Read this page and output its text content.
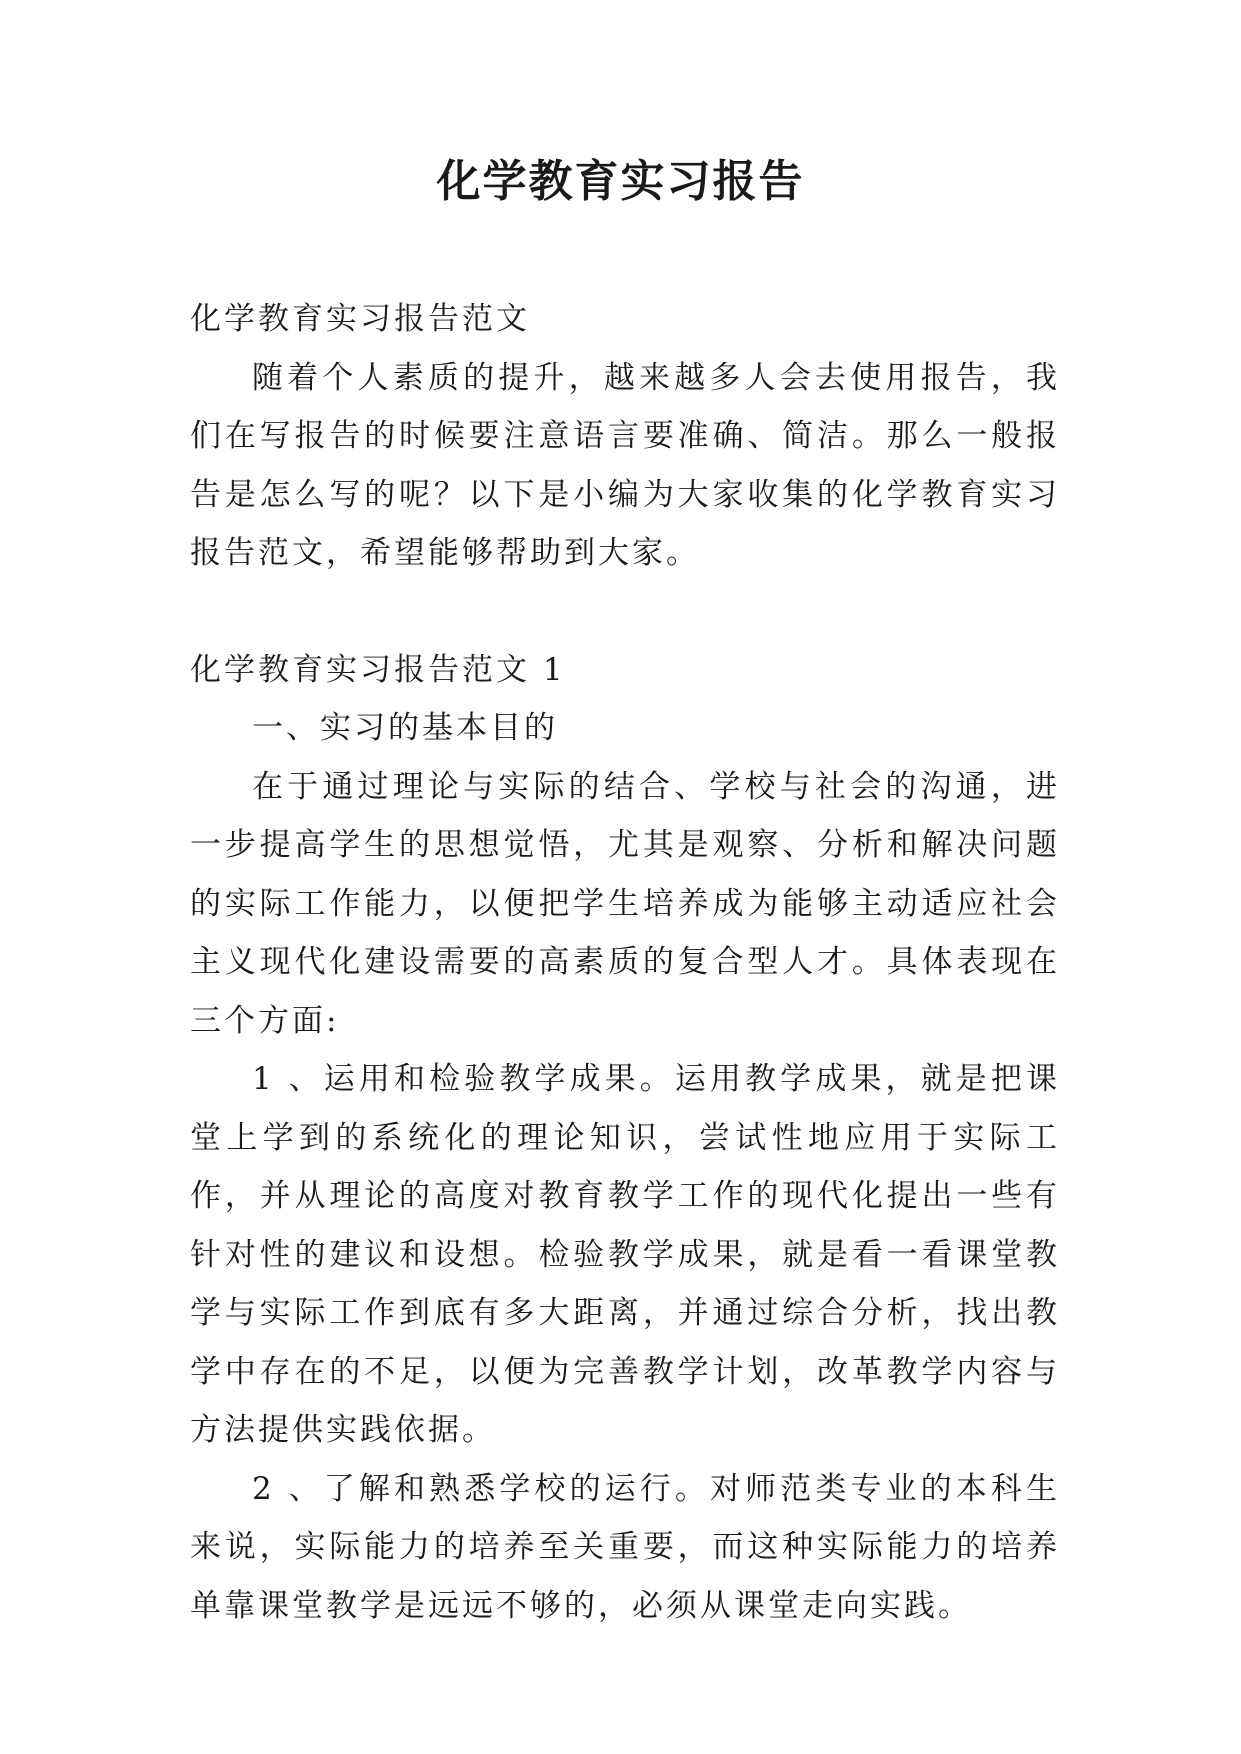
化学教育实习报告

化学教育实习报告范文

随着个人素质的提升，越来越多人会去使用报告，我们在写报告的时候要注意语言要准确、简洁。那么一般报告是怎么写的呢？以下是小编为大家收集的化学教育实习报告范文，希望能够帮助到大家。

化学教育实习报告范文 1

一、实习的基本目的

在于通过理论与实际的结合、学校与社会的沟通，进一步提高学生的思想觉悟，尤其是观察、分析和解决问题的实际工作能力，以便把学生培养成为能够主动适应社会主义现代化建设需要的高素质的复合型人才。具体表现在三个方面:

1 、运用和检验教学成果。运用教学成果，就是把课堂上学到的系统化的理论知识，尝试性地应用于实际工作，并从理论的高度对教育教学工作的现代化提出一些有针对性的建议和设想。检验教学成果，就是看一看课堂教学与实际工作到底有多大距离，并通过综合分析，找出教学中存在的不足，以便为完善教学计划，改革教学内容与方法提供实践依据。

2 、了解和熟悉学校的运行。对师范类专业的本科生来说，实际能力的培养至关重要，而这种实际能力的培养单靠课堂教学是远远不够的，必须从课堂走向实践。
